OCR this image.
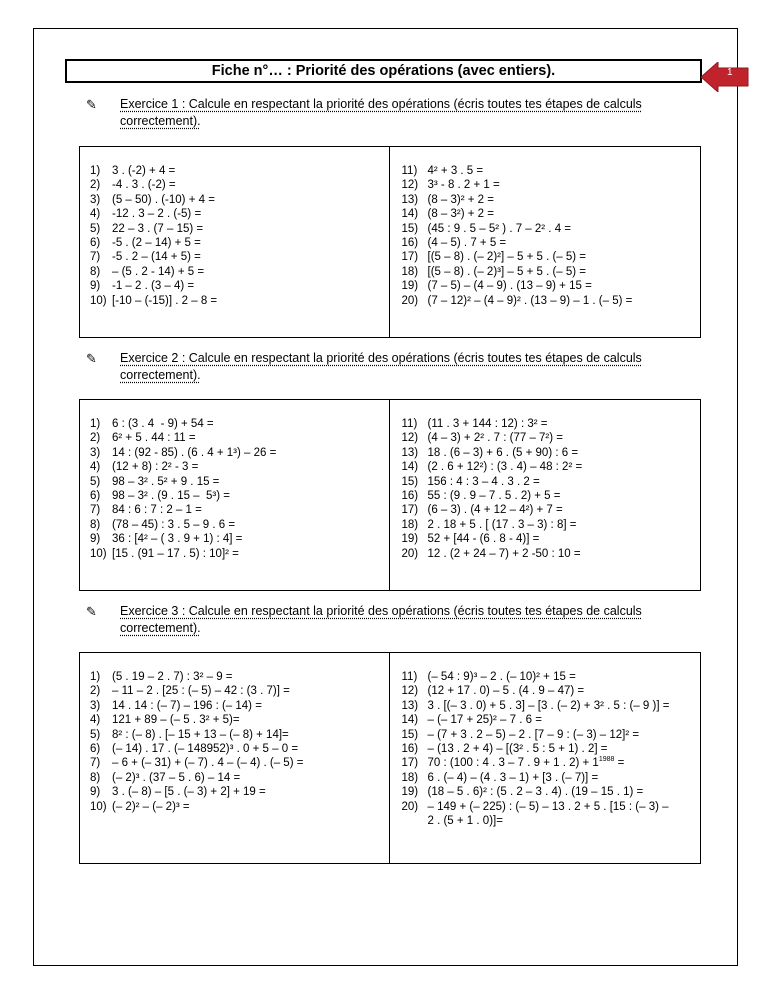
Fiche n°… : Priorité des opérations (avec entiers).	1
✎ Exercice 1 : Calcule en respectant la priorité des opérations (écris toutes tes étapes de calculs correctement).
1)	3 . (-2) + 4 =
2)	-4 . 3 . (-2) =
3)	(5 – 50) . (-10) + 4 =
4)	-12 . 3 – 2 . (-5) =
5)	22 – 3 . (7 – 15) =
6)	-5 . (2 – 14) + 5 =
7)	-5 . 2 – (14 + 5) =
8)	– (5 . 2 - 14) + 5 =
9)	-1 – 2 . (3 – 4) =
10) [-10 – (-15)] . 2 – 8 =
11) 4² + 3 . 5 =
12) 3³ - 8 . 2 + 1 =
13) (8 – 3)² + 2 =
14) (8 – 3²) + 2 =
15) (45 : 9 . 5 – 5² ) . 7 – 2² . 4 =
16) (4 – 5) . 7 + 5 =
17) [(5 – 8) . (– 2)²] – 5 + 5 . (– 5) =
18) [(5 – 8) . (– 2)³] – 5 + 5 . (– 5) =
19) (7 – 5) – (4 – 9) . (13 – 9) + 15 =
20) (7 – 12)² – (4 – 9)² . (13 – 9) – 1 . (– 5) =
✎ Exercice 2 : Calcule en respectant la priorité des opérations (écris toutes tes étapes de calculs correctement).
1)	6 : (3 . 4  - 9) + 54 =
2)	6² + 5 . 44 : 11 =
3)	14 : (92 - 85) . (6 . 4 + 1³) – 26 =
4)	(12 + 8) : 2² - 3 =
5)	98 – 3² . 5² + 9 . 15 =
6)	98 – 3² . (9 . 15 –  5³) =
7)	84 : 6 : 7 : 2 – 1 =
8)	(78 – 45) : 3 . 5 – 9 . 6 =
9)	36 : [4² – ( 3 . 9 + 1) : 4] =
10) [15 . (91 – 17 . 5) : 10]² =
11) (11 . 3 + 144 : 12) : 3² =
12) (4 – 3) + 2² . 7 : (77 – 7²) =
13) 18 . (6 – 3) + 6 . (5 + 90) : 6 =
14) (2 . 6 + 12²) : (3 . 4) – 48 : 2² =
15) 156 : 4 : 3 – 4 . 3 . 2 =
16) 55 : (9 . 9 – 7 . 5 . 2) + 5 =
17) (6 – 3) . (4 + 12 – 4²) + 7 =
18) 2 . 18 + 5 . [ (17 . 3 – 3) : 8] =
19) 52 + [44 - (6 . 8 - 4)] =
20) 12 . (2 + 24 – 7) + 2 -50 : 10 =
✎ Exercice 3 : Calcule en respectant la priorité des opérations (écris toutes tes étapes de calculs correctement).
1)	(5 . 19 – 2 . 7) : 3² – 9 =
2)	– 11 – 2 . [25 : (– 5) – 42 : (3 . 7)] =
3)	14 . 14 : (– 7) – 196 : (– 14) =
4)	121 + 89 – (– 5 . 3² + 5)=
5)	8² : (– 8) . [– 15 + 13 – (– 8) + 14]=
6)	(– 14) . 17 . (– 148952)³ . 0 + 5 – 0 =
7)	– 6 + (– 31) + (– 7) . 4 – (– 4) . (– 5) =
8)	(– 2)³ . (37 – 5 . 6) – 14 =
9)	3 . (– 8) – [5 . (– 3) + 2] + 19 =
10) (– 2)² – (– 2)³ =
11) (– 54 : 9)³ – 2 . (– 10)² + 15 =
12) (12 + 17 . 0) – 5 . (4 . 9 – 47) =
13) 3 . [(– 3 . 0) + 5 . 3] – [3 . (– 2) + 3² . 5 : (– 9 )] =
14) – (– 17 + 25)² – 7 . 6 =
15) – (7 + 3 . 2 – 5) – 2 . [7 – 9 : (– 3) – 12]² =
16) – (13 . 2 + 4) – [(3² . 5 : 5 + 1) . 2] =
17) 70 : (100 : 4 . 3 – 7 . 9 + 1 . $2) + 1^{1988}$ =
18) 6 . (– 4) – (4 . 3 – 1) + [3 . (– 7)] =
19) (18 – 5 . 6)² : (5 . 2 – 3 . 4) . (19 – 15 . 1) =
20) – 149 + (– 225) : (– 5) – 13 . 2 + 5 . [15 : (– 3) –
2 . (5 + 1 . 0)]=
